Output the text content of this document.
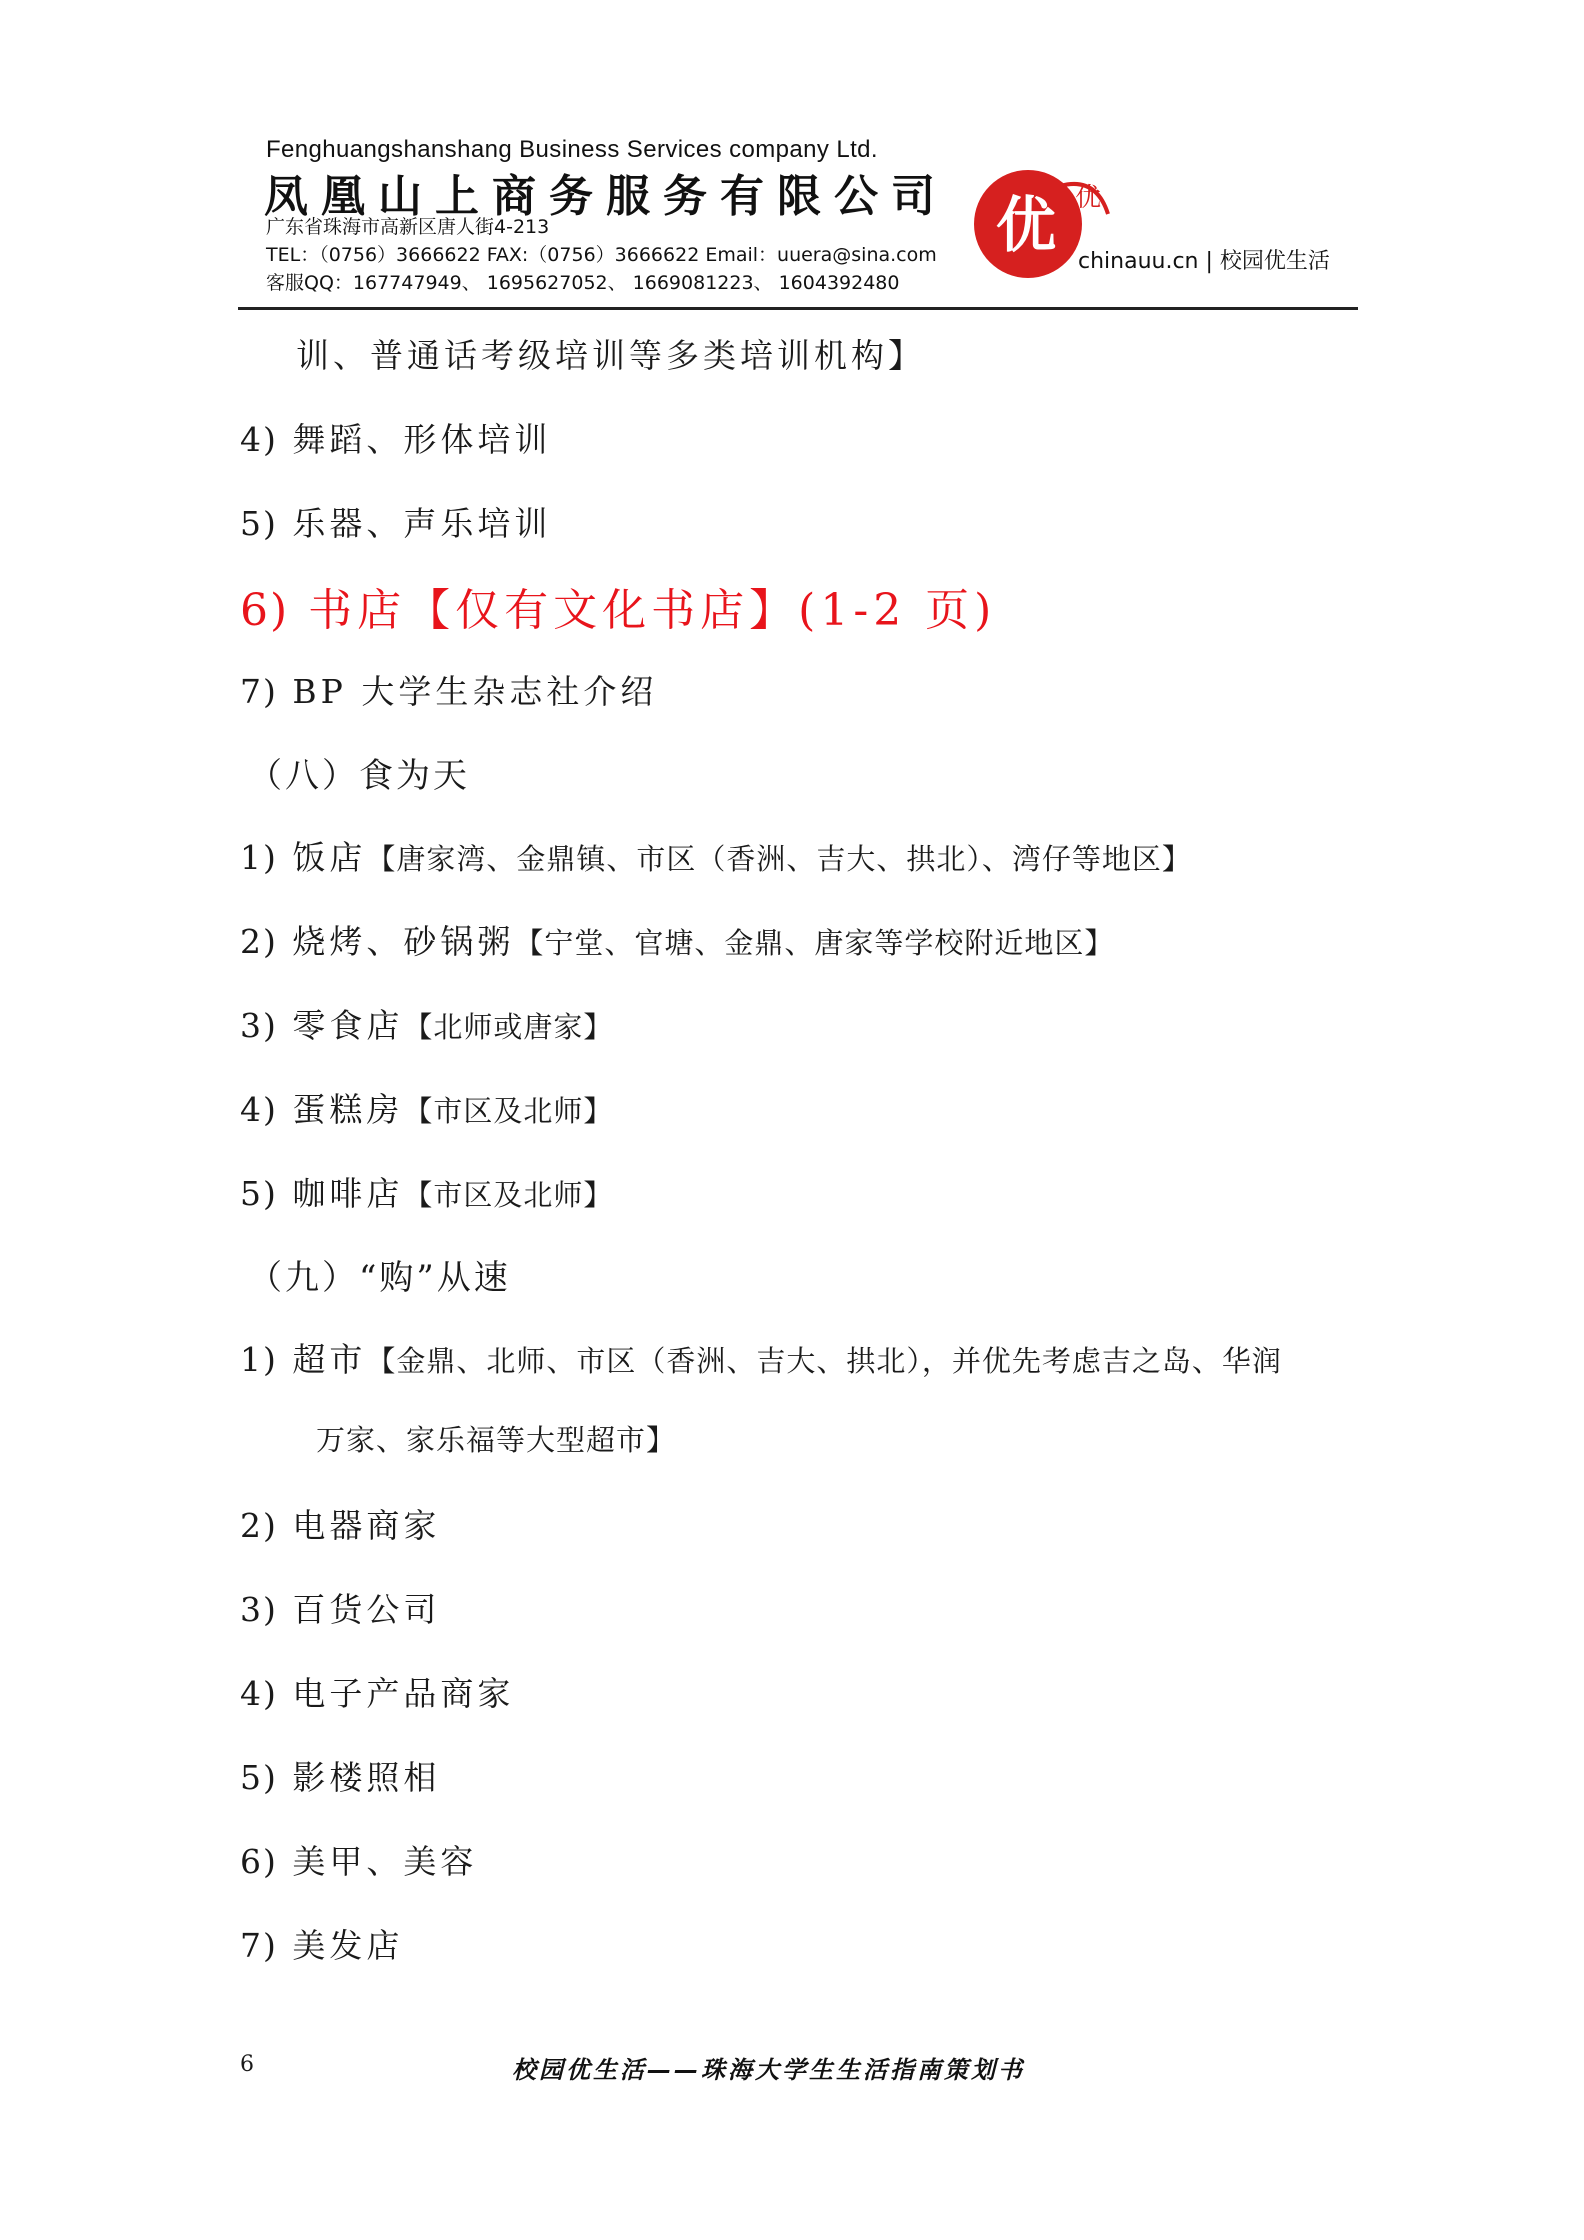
Fenghuangshanshang Business Services company Ltd.
凤凰山上商务服务有限公司
广东省珠海市高新区唐人街4-213
TEL：（0756）3666622 FAX:（0756）3666622 Email：uuera@sina.com
客服QQ：167747949、 1695627052、 1669081223、 1604392480
优 优
chinauu.cn | 校园优生活
训、普通话考级培训等多类培训机构】
4) 舞蹈、形体培训
5) 乐器、声乐培训
6) 书店【仅有文化书店】(1-2 页)
7) BP 大学生杂志社介绍
（八）食为天
1) 饭店【唐家湾、金鼎镇、市区（香洲、吉大、拱北）、湾仔等地区】
2) 烧烤、砂锅粥【宁堂、官塘、金鼎、唐家等学校附近地区】
3) 零食店【北师或唐家】
4) 蛋糕房【市区及北师】
5) 咖啡店【市区及北师】
（九）“购”从速
1) 超市【金鼎、北师、市区（香洲、吉大、拱北），并优先考虑吉之岛、华润
万家、家乐福等大型超市】
2) 电器商家
3) 百货公司
4) 电子产品商家
5) 影楼照相
6) 美甲、美容
7) 美发店
6	校园优生活——珠海大学生生活指南策划书
